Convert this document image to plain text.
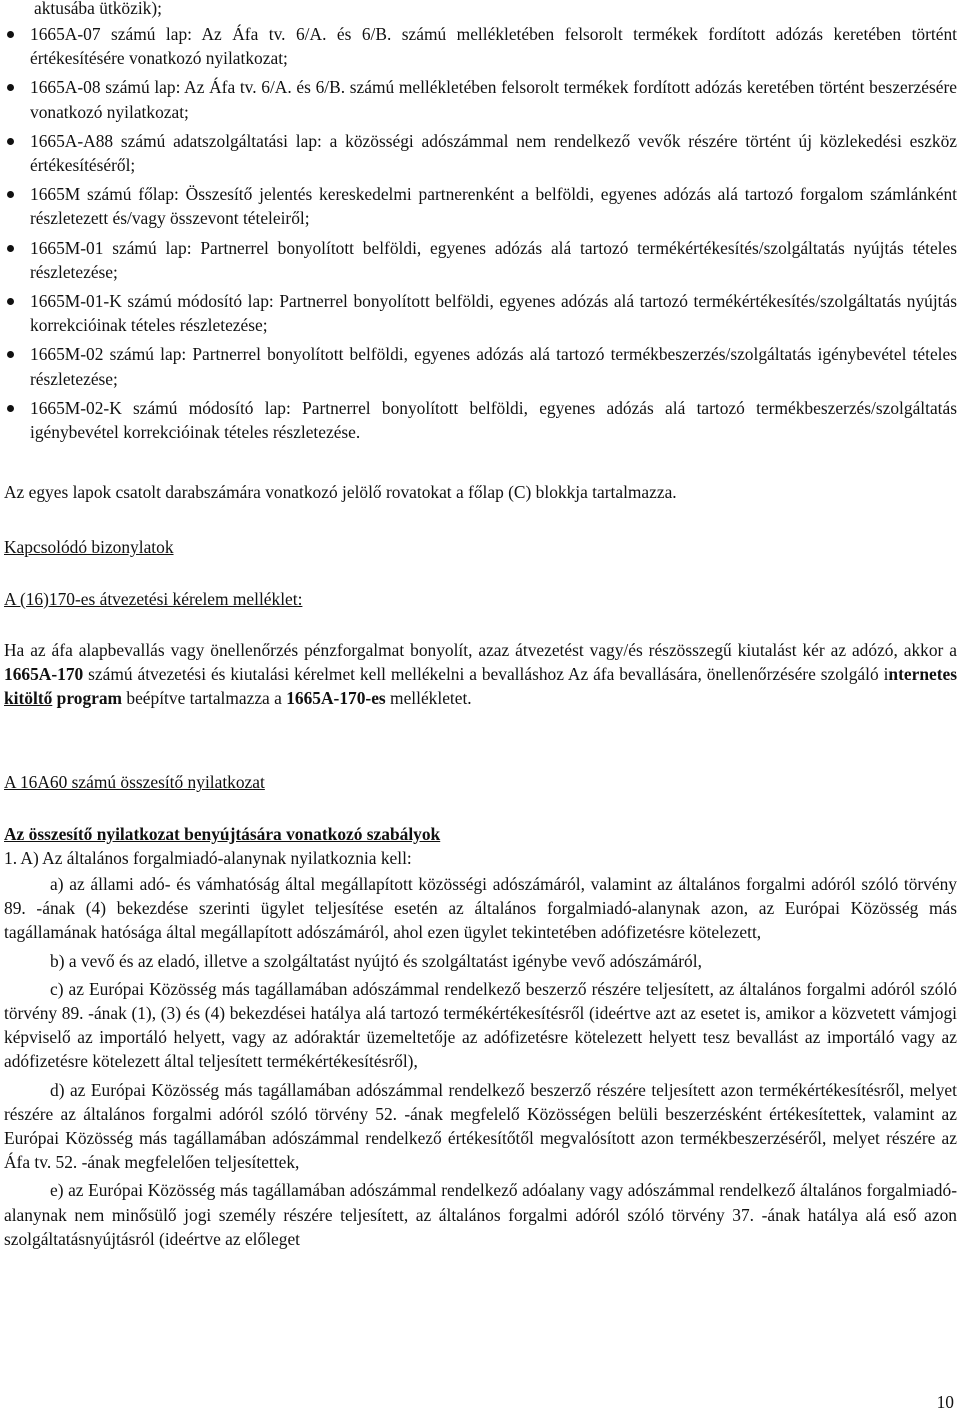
aktusába ütközik);
1665A-07 számú lap: Az Áfa tv. 6/A. és 6/B. számú mellékletében felsorolt termékek fordított adózás keretében történt értékesítésére vonatkozó nyilatkozat;
1665A-08 számú lap: Az Áfa tv. 6/A. és 6/B. számú mellékletében felsorolt termékek fordított adózás keretében történt beszerzésére vonatkozó nyilatkozat;
1665A-A88 számú adatszolgáltatási lap: a közösségi adószámmal nem rendelkező vevők részére történt új közlekedési eszköz értékesítéséről;
1665M számú főlap: Összesítő jelentés kereskedelmi partnerenként a belföldi, egyenes adózás alá tartozó forgalom számlánként részletezett és/vagy összevont tételeiről;
1665M-01 számú lap: Partnerrel bonyolított belföldi, egyenes adózás alá tartozó termékértékesítés/szolgáltatás nyújtás tételes részletezése;
1665M-01-K számú módosító lap: Partnerrel bonyolított belföldi, egyenes adózás alá tartozó termékértékesítés/szolgáltatás nyújtás korrekcióinak tételes részletezése;
1665M-02 számú lap: Partnerrel bonyolított belföldi, egyenes adózás alá tartozó termékbeszerzés/szolgáltatás igénybevétel tételes részletezése;
1665M-02-K számú módosító lap: Partnerrel bonyolított belföldi, egyenes adózás alá tartozó termékbeszerzés/szolgáltatás igénybevétel korrekcióinak tételes részletezése.
Az egyes lapok csatolt darabszámára vonatkozó jelölő rovatokat a főlap (C) blokkja tartalmazza.
Kapcsolódó bizonylatok
A (16)170-es átvezetési kérelem melléklet:
Ha az áfa alapbevallás vagy önellenőrzés pénzforgalmat bonyolít, azaz átvezetést vagy/és részösszegű kiutalást kér az adózó, akkor a 1665A-170 számú átvezetési és kiutalási kérelmet kell mellékelni a bevalláshoz Az áfa bevallására, önellenőrzésére szolgáló internetes kitöltő program beépítve tartalmazza a 1665A-170-es mellékletet.
A 16A60 számú összesítő nyilatkozat
Az összesítő nyilatkozat benyújtására vonatkozó szabályok
1. A) Az általános forgalmiadó-alanynak nyilatkoznia kell:
a) az állami adó- és vámhatóság által megállapított közösségi adószámáról, valamint az általános forgalmi adóról szóló törvény 89. -ának (4) bekezdése szerinti ügylet teljesítése esetén az általános forgalmiadó-alanynak azon, az Európai Közösség más tagállamának hatósága által megállapított adószámáról, ahol ezen ügylet tekintetében adófizetésre kötelezett,
b) a vevő és az eladó, illetve a szolgáltatást nyújtó és szolgáltatást igénybe vevő adószámáról,
c) az Európai Közösség más tagállamában adószámmal rendelkező beszerző részére teljesített, az általános forgalmi adóról szóló törvény 89. -ának (1), (3) és (4) bekezdései hatálya alá tartozó termékértékesítésről (ideértve azt az esetet is, amikor a közvetett vámjogi képviselő az importáló helyett, vagy az adóraktár üzemeltetője az adófizetésre kötelezett helyett tesz bevallást az importáló vagy az adófizetésre kötelezett által teljesített termékértékesítésről),
d) az Európai Közösség más tagállamában adószámmal rendelkező beszerző részére teljesített azon termékértékesítésről, melyet részére az általános forgalmi adóról szóló törvény 52. -ának megfelelő Közösségen belüli beszerzésként értékesítettek, valamint az Európai Közösség más tagállamában adószámmal rendelkező értékesítőtől megvalósított azon termékbeszerzéséről, melyet részére az Áfa tv. 52. -ának megfelelően teljesítettek,
e) az Európai Közösség más tagállamában adószámmal rendelkező adóalany vagy adószámmal rendelkező általános forgalmiadó-alanynak nem minősülő jogi személy részére teljesített, az általános forgalmi adóról szóló törvény 37. -ának hatálya alá eső azon szolgáltatásnyújtásról (ideértve az előleget
10
